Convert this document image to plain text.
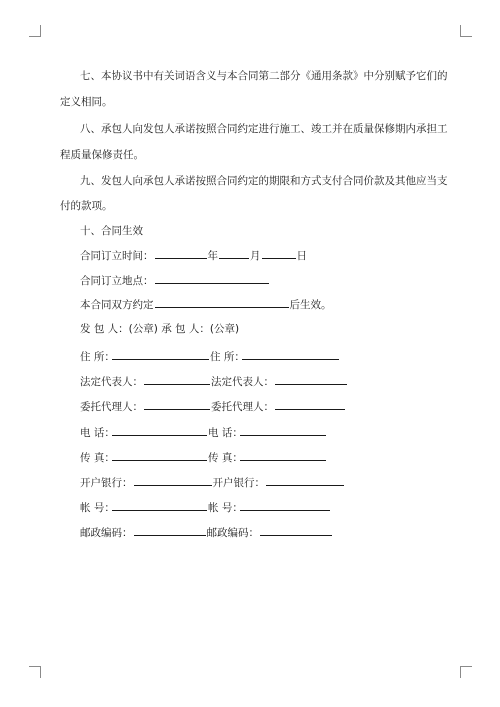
七、本协议书中有关词语含义与本合同第二部分《通用条款》中分别赋予它们的
定义相同。
八、承包人向发包人承诺按照合同约定进行施工、竣工并在质量保修期内承担工
程质量保修责任。
九、发包人向承包人承诺按照合同约定的期限和方式支付合同价款及其他应当支
付的款项。
十、合同生效
合同订立时间：	年	月	日
合同订立地点：
本合同双方约定	后生效。
发 包 人：(公章) 承 包 人：(公章)
住 所：	住 所：
法定代表人：	法定代表人：
委托代理人：	委托代理人：
电 话：	电 话：
传 真：	传 真：
开户银行：	开户银行：
帐 号：	帐 号：
邮政编码：	邮政编码：
